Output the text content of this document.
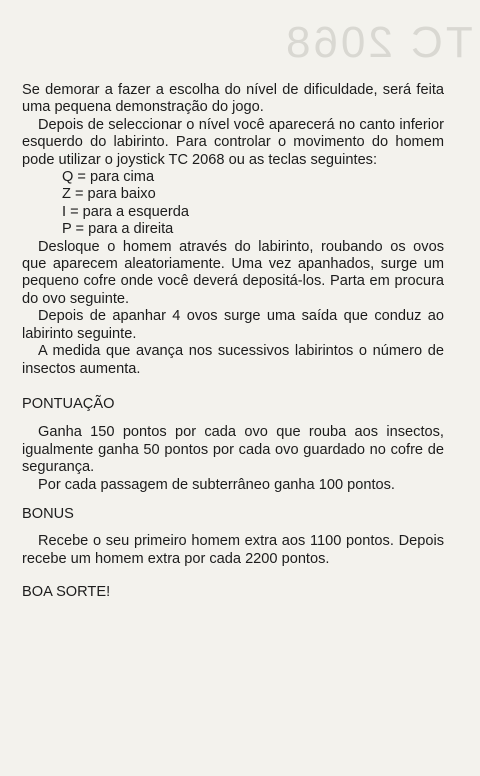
TC 2068

Se demorar a fazer a escolha do nível de dificuldade, será feita uma pequena demonstração do jogo.

Depois de seleccionar o nível você aparecerá no canto inferior esquerdo do labirinto. Para controlar o movimento do homem pode utilizar o joystick TC 2068 ou as teclas seguintes:

Q = para cima
Z = para baixo
I = para a esquerda
P = para a direita

Desloque o homem através do labirinto, roubando os ovos que aparecem aleatoriamente. Uma vez apanhados, surge um pequeno cofre onde você deverá depositá-los. Parta em procura do ovo seguinte.

Depois de apanhar 4 ovos surge uma saída que conduz ao labirinto seguinte.

A medida que avança nos sucessivos labirintos o número de insectos aumenta.

PONTUAÇÃO

Ganha 150 pontos por cada ovo que rouba aos insectos, igualmente ganha 50 pontos por cada ovo guardado no cofre de segurança.

Por cada passagem de subterrâneo ganha 100 pontos.

BONUS

Recebe o seu primeiro homem extra aos 1100 pontos. Depois recebe um homem extra por cada 2200 pontos.

BOA SORTE!
